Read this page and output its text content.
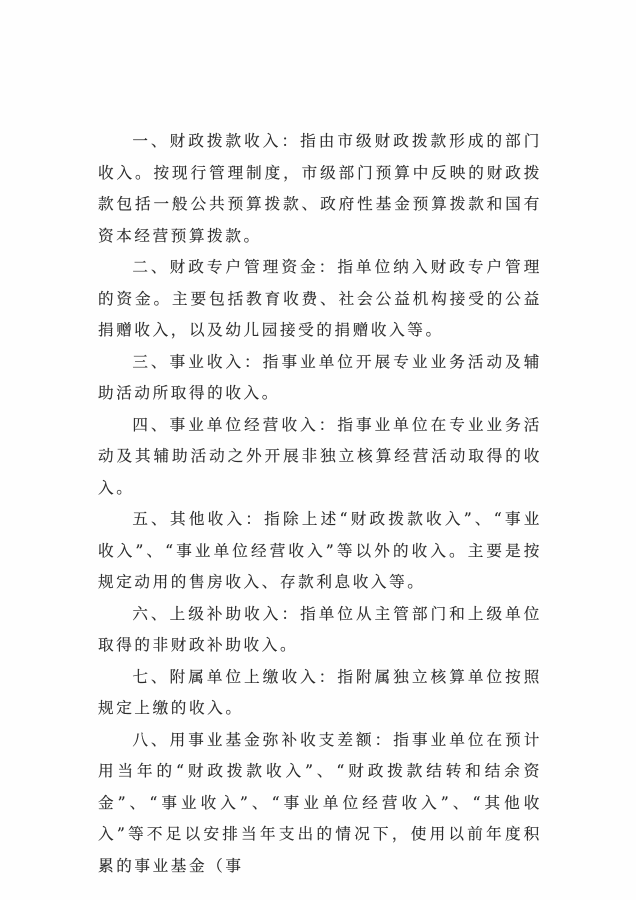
一、财政拨款收入：指由市级财政拨款形成的部门收入。按现行管理制度，市级部门预算中反映的财政拨款包括一般公共预算拨款、政府性基金预算拨款和国有资本经营预算拨款。

二、财政专户管理资金：指单位纳入财政专户管理的资金。主要包括教育收费、社会公益机构接受的公益捐赠收入，以及幼儿园接受的捐赠收入等。

三、事业收入：指事业单位开展专业业务活动及辅助活动所取得的收入。

四、事业单位经营收入：指事业单位在专业业务活动及其辅助活动之外开展非独立核算经营活动取得的收入。

五、其他收入：指除上述“财政拨款收入”、“事业收入”、“事业单位经营收入”等以外的收入。主要是按规定动用的售房收入、存款利息收入等。

六、上级补助收入：指单位从主管部门和上级单位取得的非财政补助收入。

七、附属单位上缴收入：指附属独立核算单位按照规定上缴的收入。

八、用事业基金弥补收支差额：指事业单位在预计用当年的“财政拨款收入”、“财政拨款结转和结余资金”、“事业收入”、“事业单位经营收入”、“其他收入”等不足以安排当年支出的情况下，使用以前年度积累的事业基金（事
